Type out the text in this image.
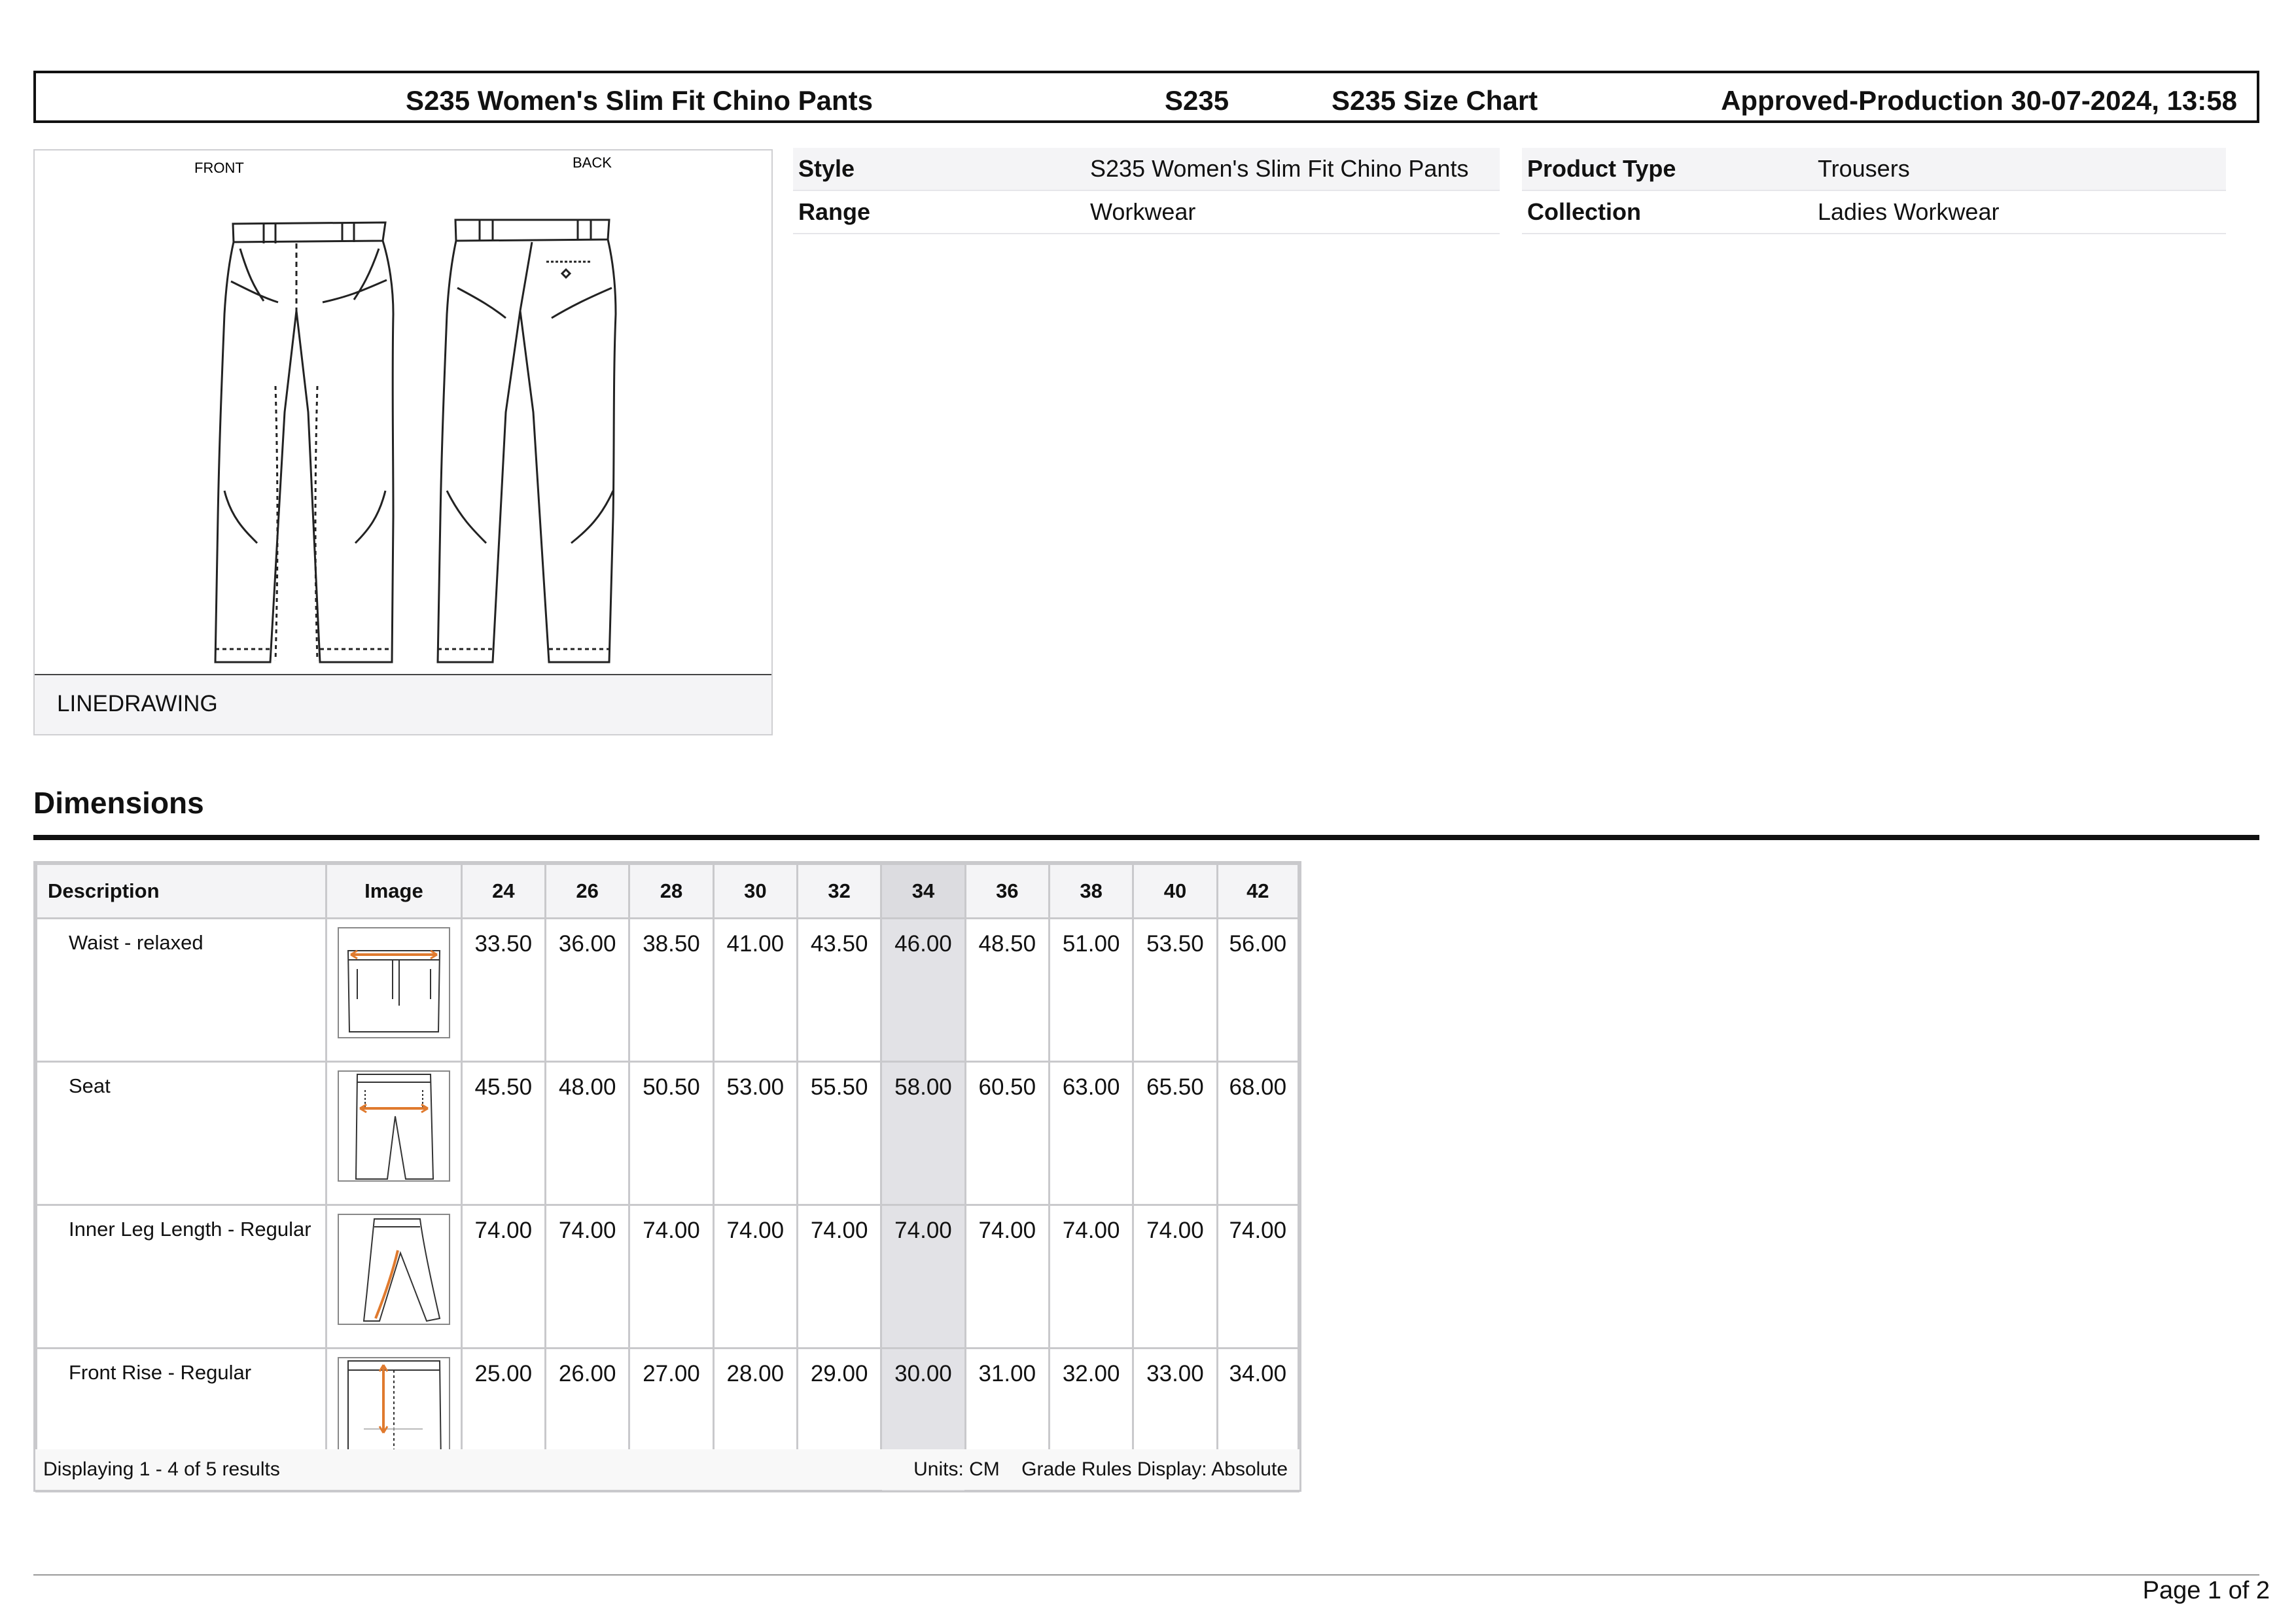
S235 Women's Slim Fit Chino Pants	S235	S235 Size Chart	Approved-Production 30-07-2024, 13:58
FRONT	BACK
LINEDRAWING
Style	S235 Women's Slim Fit Chino Pants
Range	Workwear
Product Type	Trousers
Collection	Ladies Workwear
Dimensions
Description	Image	24	26	28	30	32	34	36	38	40	42
Waist - relaxed		33.50	36.00	38.50	41.00	43.50	46.00	48.50	51.00	53.50	56.00
Seat		45.50	48.00	50.50	53.00	55.50	58.00	60.50	63.00	65.50	68.00
Inner Leg Length - Regular		74.00	74.00	74.00	74.00	74.00	74.00	74.00	74.00	74.00	74.00
Front Rise - Regular		25.00	26.00	27.00	28.00	29.00	30.00	31.00	32.00	33.00	34.00
Displaying 1 - 4 of 5 results	Units: CM Grade Rules Display: Absolute
Page 1 of 2
